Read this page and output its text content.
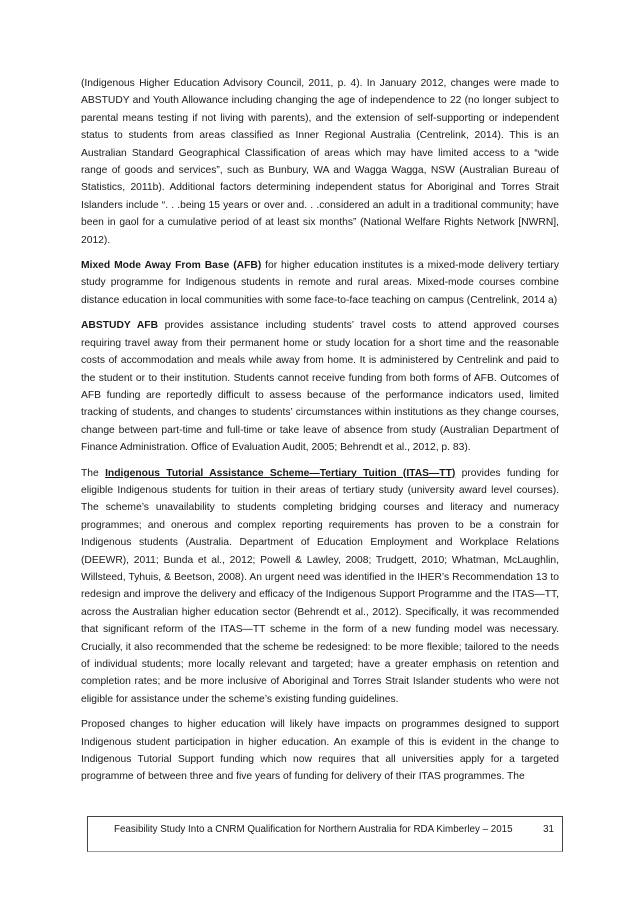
(Indigenous Higher Education Advisory Council, 2011, p. 4). In January 2012, changes were made to ABSTUDY and Youth Allowance including changing the age of independence to 22 (no longer subject to parental means testing if not living with parents), and the extension of self-supporting or independent status to students from areas classified as Inner Regional Australia (Centrelink, 2014). This is an Australian Standard Geographical Classification of areas which may have limited access to a “wide range of goods and services”, such as Bunbury, WA and Wagga Wagga, NSW (Australian Bureau of Statistics, 2011b). Additional factors determining independent status for Aboriginal and Torres Strait Islanders include “. . .being 15 years or over and. . .considered an adult in a traditional community; have been in gaol for a cumulative period of at least six months” (National Welfare Rights Network [NWRN], 2012).

Mixed Mode Away From Base (AFB) for higher education institutes is a mixed-mode delivery tertiary study programme for Indigenous students in remote and rural areas. Mixed-mode courses combine distance education in local communities with some face-to-face teaching on campus (Centrelink, 2014 a)

ABSTUDY AFB provides assistance including students’ travel costs to attend approved courses requiring travel away from their permanent home or study location for a short time and the reasonable costs of accommodation and meals while away from home. It is administered by Centrelink and paid to the student or to their institution. Students cannot receive funding from both forms of AFB. Outcomes of AFB funding are reportedly difficult to assess because of the performance indicators used, limited tracking of students, and changes to students’ circumstances within institutions as they change courses, change between part-time and full-time or take leave of absence from study (Australian Department of Finance Administration. Office of Evaluation Audit, 2005; Behrendt et al., 2012, p. 83).

The Indigenous Tutorial Assistance Scheme—Tertiary Tuition (ITAS—TT) provides funding for eligible Indigenous students for tuition in their areas of tertiary study (university award level courses). The scheme’s unavailability to students completing bridging courses and literacy and numeracy programmes; and onerous and complex reporting requirements has proven to be a constrain for Indigenous students (Australia. Department of Education Employment and Workplace Relations (DEEWR), 2011; Bunda et al., 2012; Powell & Lawley, 2008; Trudgett, 2010; Whatman, McLaughlin, Willsteed, Tyhuis, & Beetson, 2008). An urgent need was identified in the IHER’s Recommendation 13 to redesign and improve the delivery and efficacy of the Indigenous Support Programme and the ITAS—TT, across the Australian higher education sector (Behrendt et al., 2012). Specifically, it was recommended that significant reform of the ITAS—TT scheme in the form of a new funding model was necessary. Crucially, it also recommended that the scheme be redesigned: to be more flexible; tailored to the needs of individual students; more locally relevant and targeted; have a greater emphasis on retention and completion rates; and be more inclusive of Aboriginal and Torres Strait Islander students who were not eligible for assistance under the scheme’s existing funding guidelines.

Proposed changes to higher education will likely have impacts on programmes designed to support Indigenous student participation in higher education. An example of this is evident in the change to Indigenous Tutorial Support funding which now requires that all universities apply for a targeted programme of between three and five years of funding for delivery of their ITAS programmes. The

Feasibility Study Into a CNRM Qualification for Northern Australia for RDA Kimberley – 2015	31
